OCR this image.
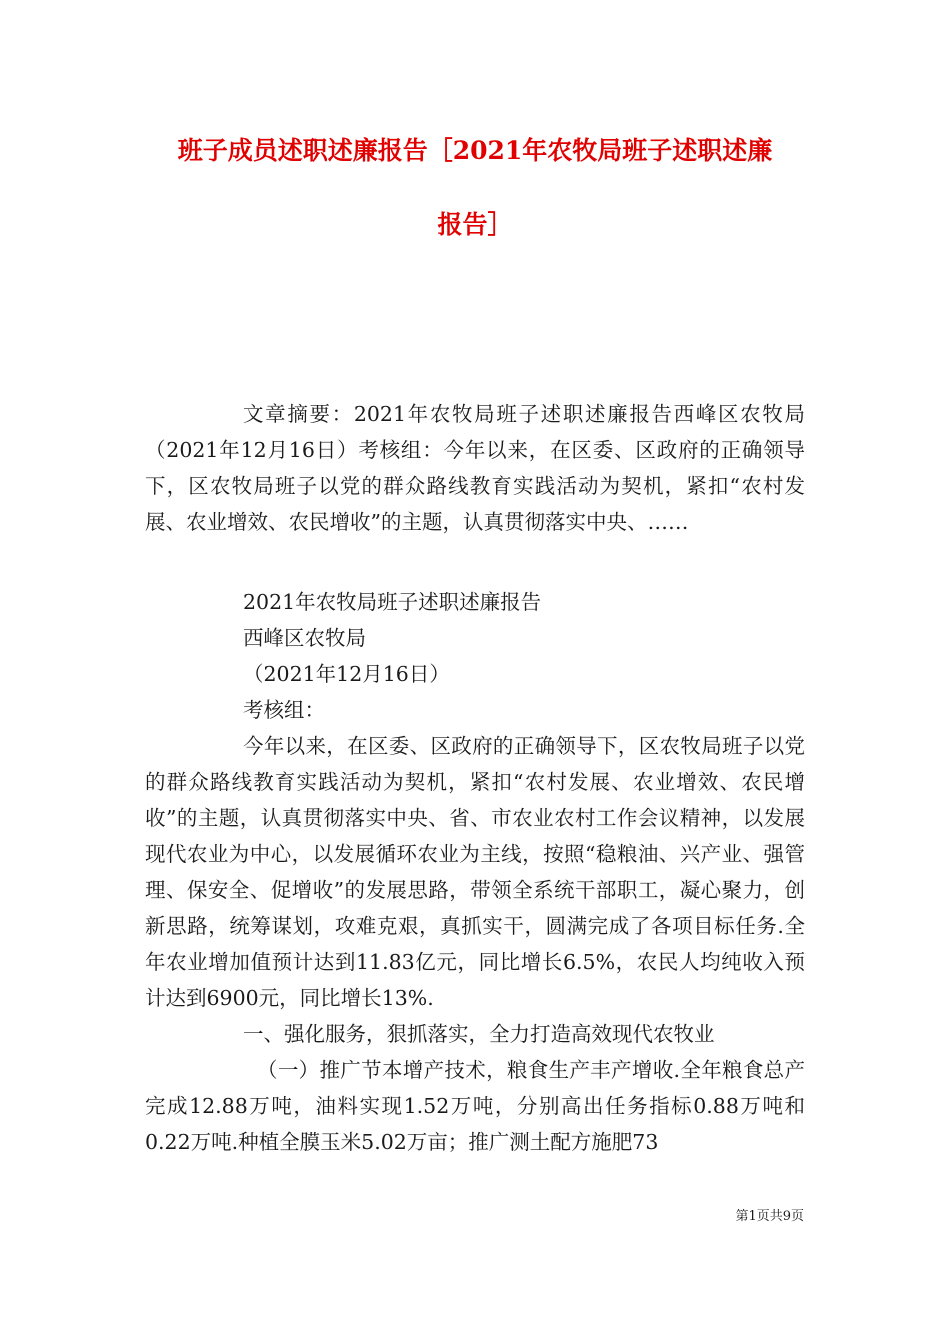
班子成员述职述廉报告［2021年农牧局班子述职述廉
报告］

文章摘要：2021年农牧局班子述职述廉报告西峰区农牧局（2021年12月16日）考核组：今年以来，在区委、区政府的正确领导下，区农牧局班子以党的群众路线教育实践活动为契机，紧扣“农村发展、农业增效、农民增收”的主题，认真贯彻落实中央、……

2021年农牧局班子述职述廉报告

西峰区农牧局

（2021年12月16日）

考核组：

今年以来，在区委、区政府的正确领导下，区农牧局班子以党的群众路线教育实践活动为契机，紧扣“农村发展、农业增效、农民增收”的主题，认真贯彻落实中央、省、市农业农村工作会议精神，以发展现代农业为中心，以发展循环农业为主线，按照“稳粮油、兴产业、强管理、保安全、促增收”的发展思路，带领全系统干部职工，凝心聚力，创新思路，统筹谋划，攻难克艰，真抓实干，圆满完成了各项目标任务.全年农业增加值预计达到11.83亿元，同比增长6.5%，农民人均纯收入预计达到6900元，同比增长13%.

一、强化服务，狠抓落实，全力打造高效现代农牧业

（一）推广节本增产技术，粮食生产丰产增收.全年粮食总产完成12.88万吨，油料实现1.52万吨，分别高出任务指标0.88万吨和0.22万吨.种植全膜玉米5.02万亩；推广测土配方施肥73

第1页共9页
